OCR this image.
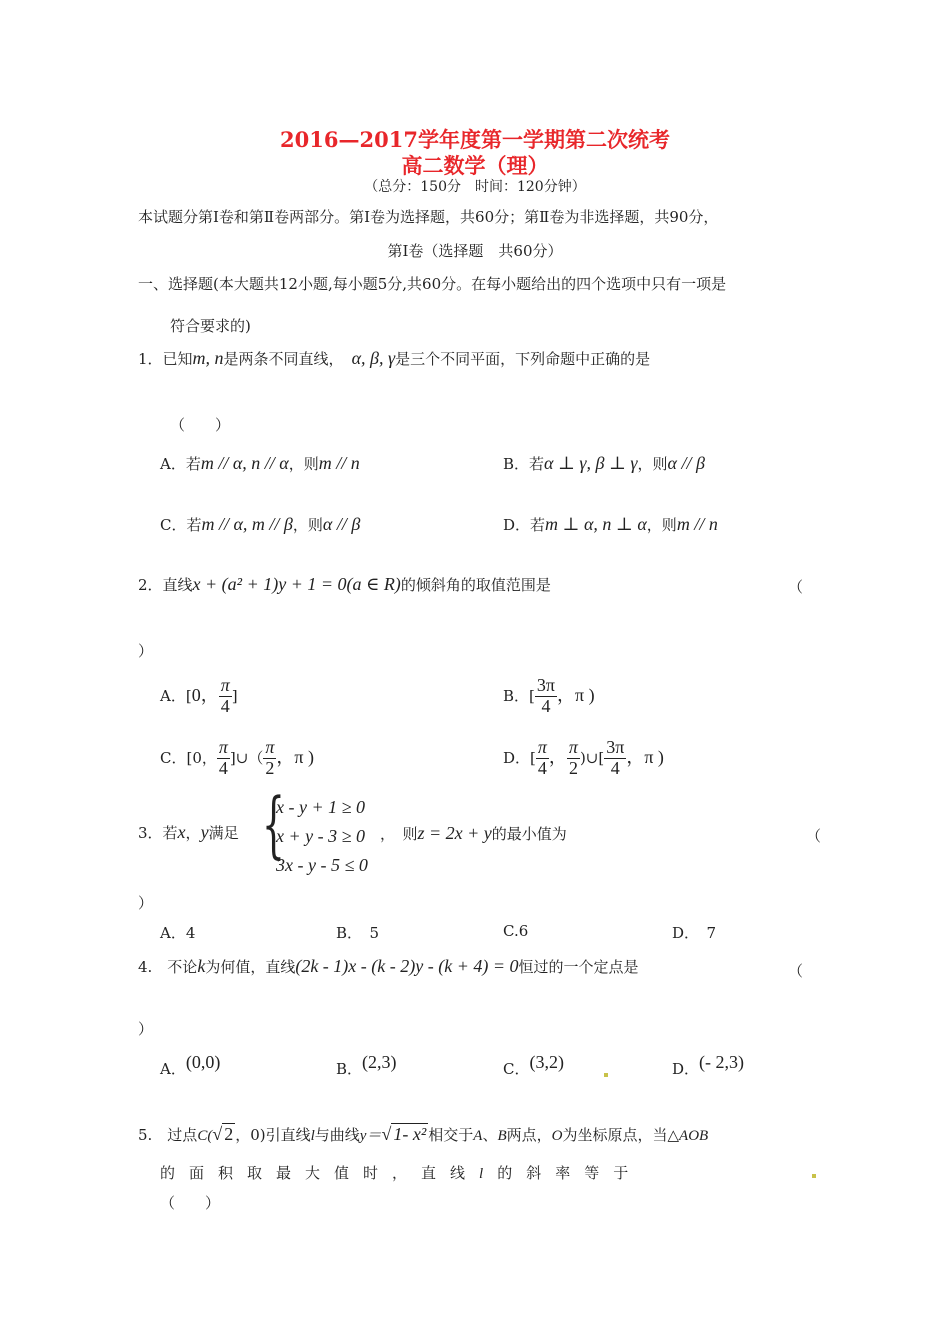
2016—2017学年度第一学期第二次统考
高二数学（理）
（总分：150分　时间：120分钟）
本试题分第Ⅰ卷和第Ⅱ卷两部分。第Ⅰ卷为选择题，共60分；第Ⅱ卷为非选择题，共90分，
第Ⅰ卷（选择题　共60分）
一、选择题(本大题共12小题,每小题5分,共60分。在每小题给出的四个选项中只有一项是
符合要求的)
1．已知m, n是两条不同直线， α, β, γ是三个不同平面，下列命题中正确的是
（　　）
A．若m // α, n // α，则m // n	B．若α ⊥ γ, β ⊥ γ，则α // β
C．若m // α, m // β，则α // β	D．若m ⊥ α, n ⊥ α，则m // n
2．直线x + (a² + 1)y + 1 = 0(a ∈ R)的倾斜角的取值范围是	（
）
A．[0， $\frac{\pi}{4}$ ]	B．[ $\frac{3\pi}{4}$ ，π )
C．[0， $\frac{\pi}{4}$ ]∪（ $\frac{\pi}{2}$ ，π )	D．[ $\frac{\pi}{4}$ ， $\frac{\pi}{2}$ )∪[ $\frac{3\pi}{4}$ ，π )
3．若x，y满足 {
x - y + 1 ≥ 0
x + y - 3 ≥ 0
3x - y - 5 ≤ 0
，　则z = 2x + y的最小值为	（
）
A．4	B．　5	C.6	D．　7
4.　不论k为何值，直线(2k - 1)x - (k - 2)y - (k + 4) = 0恒过的一个定点是	（
）
A．(0,0)	B．(2,3)	C．(3,2)	D．(- 2,3)
5.　过点C(√ 2 ，0)引直线l与曲线y＝√ 1- x² 相交于A、B两点，O为坐标原点，当△AOB
的面积取最大值时，直线l 的斜率等于
（　　）
